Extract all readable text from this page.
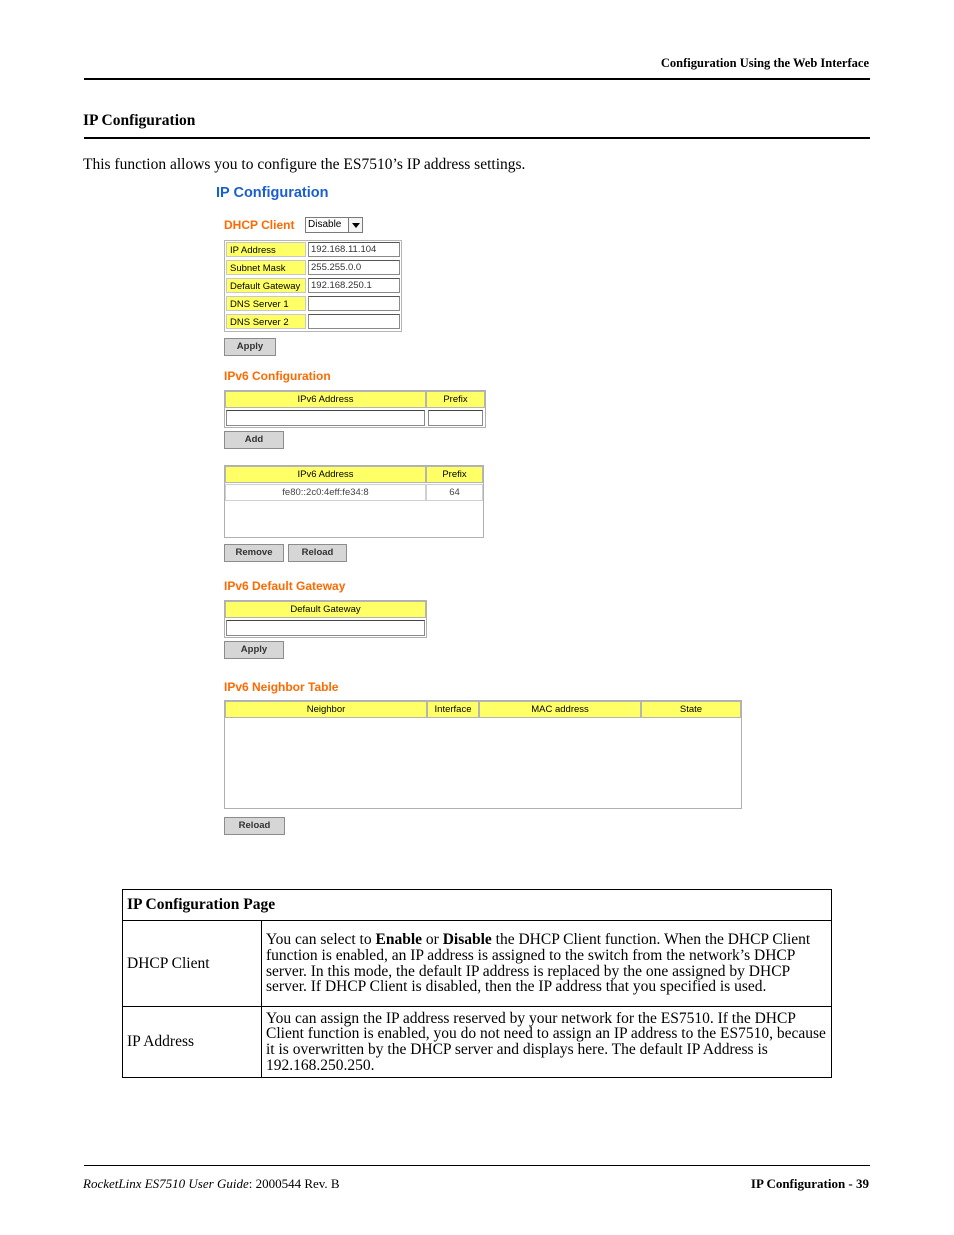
Configuration Using the Web Interface
IP Configuration
This function allows you to configure the ES7510’s IP address settings.
IP Configuration
DHCP Client Disable
IP Address	192.168.11.104
Subnet Mask	255.255.0.0
Default Gateway	192.168.250.1
DNS Server 1
DNS Server 2
Apply
IPv6 Configuration
IPv6 Address	Prefix
Add
IPv6 Address	Prefix
fe80::2c0:4eff:fe34:8	64
Remove	Reload
IPv6 Default Gateway
Default Gateway
Apply
IPv6 Neighbor Table
Neighbor	Interface	MAC address	State
Reload
IP Configuration Page	
DHCP Client	You can select to Enable or Disable the DHCP Client function. When the DHCP Client function is enabled, an IP address is assigned to the switch from the network’s DHCP server. In this mode, the default IP address is replaced by the one assigned by DHCP server. If DHCP Client is disabled, then the IP address that you specified is used.
IP Address	You can assign the IP address reserved by your network for the ES7510. If the DHCP Client function is enabled, you do not need to assign an IP address to the ES7510, because it is overwritten by the DHCP server and displays here. The default IP Address is 192.168.250.250.
RocketLinx ES7510 User Guide: 2000544 Rev. B	IP Configuration - 39
